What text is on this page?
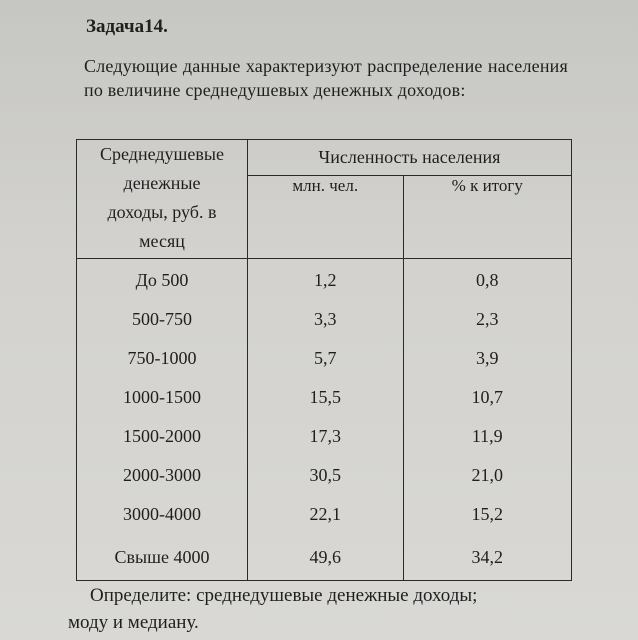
Задача14.

Следующие данные характеризуют распределение населения по величине среднедушевых денежных доходов:

Среднедушевые
денежные
доходы, руб. в
месяц	Численность населения	
	млн. чел.	% к итогу
До 500	1,2	0,8
500-750	3,3	2,3
750-1000	5,7	3,9
1000-1500	15,5	10,7
1500-2000	17,3	11,9
2000-3000	30,5	21,0
3000-4000	22,1	15,2
Свыше 4000	49,6	34,2

Определите: среднедушевые денежные доходы;

моду и медиану.
